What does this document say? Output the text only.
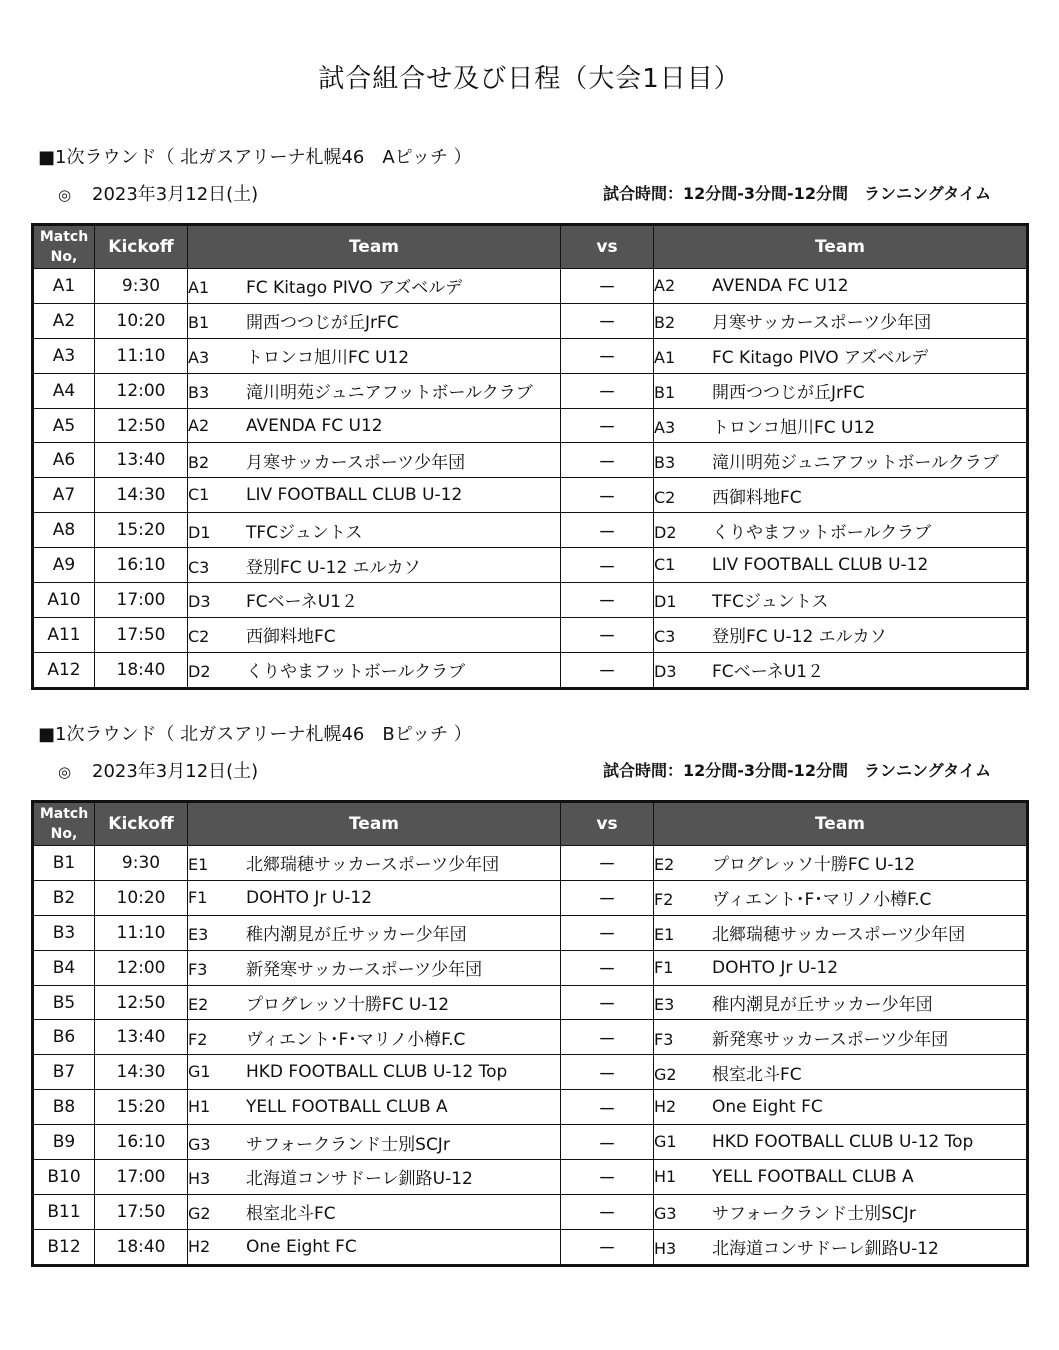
試合組合せ及び日程（大会1日目）
■1次ラウンド（ 北ガスアリーナ札幌46　Aピッチ ）
◎ 2023年3月12日(土)	試合時間：12分間-3分間-12分間　ランニングタイム
Match
No,	Kickoff	Team	vs	Team
A1	9:30	A1 FC Kitago PIVO アズベルデ	－	A2 AVENDA FC U12
A2	10:20	B1 開西つつじが丘JrFC	－	B2 月寒サッカースポーツ少年団
A3	11:10	A3 トロンコ旭川FC U12	－	A1 FC Kitago PIVO アズベルデ
A4	12:00	B3 滝川明苑ジュニアフットボールクラブ	－	B1 開西つつじが丘JrFC
A5	12:50	A2 AVENDA FC U12	－	A3 トロンコ旭川FC U12
A6	13:40	B2 月寒サッカースポーツ少年団	－	B3 滝川明苑ジュニアフットボールクラブ
A7	14:30	C1 LIV FOOTBALL CLUB U-12	－	C2 西御料地FC
A8	15:20	D1 TFCジュントス	－	D2 くりやまフットボールクラブ
A9	16:10	C3 登別FC U-12 エルカソ	－	C1 LIV FOOTBALL CLUB U-12
A10	17:00	D3 FCベーネU1２	－	D1 TFCジュントス
A11	17:50	C2 西御料地FC	－	C3 登別FC U-12 エルカソ
A12	18:40	D2 くりやまフットボールクラブ	－	D3 FCベーネU1２
■1次ラウンド（ 北ガスアリーナ札幌46　Bピッチ ）
◎ 2023年3月12日(土)	試合時間：12分間-3分間-12分間　ランニングタイム
Match
No,	Kickoff	Team	vs	Team
B1	9:30	E1 北郷瑞穂サッカースポーツ少年団	－	E2 プログレッソ十勝FC U-12
B2	10:20	F1 DOHTO Jr U-12	－	F2 ヴィエント･F･マリノ小樽F.C
B3	11:10	E3 稚内潮見が丘サッカー少年団	－	E1 北郷瑞穂サッカースポーツ少年団
B4	12:00	F3 新発寒サッカースポーツ少年団	－	F1 DOHTO Jr U-12
B5	12:50	E2 プログレッソ十勝FC U-12	－	E3 稚内潮見が丘サッカー少年団
B6	13:40	F2 ヴィエント･F･マリノ小樽F.C	－	F3 新発寒サッカースポーツ少年団
B7	14:30	G1 HKD FOOTBALL CLUB U-12 Top	－	G2 根室北斗FC
B8	15:20	H1 YELL FOOTBALL CLUB A	－	H2 One Eight FC
B9	16:10	G3 サフォークランド士別SCJr	－	G1 HKD FOOTBALL CLUB U-12 Top
B10	17:00	H3 北海道コンサドーレ釧路U-12	－	H1 YELL FOOTBALL CLUB A
B11	17:50	G2 根室北斗FC	－	G3 サフォークランド士別SCJr
B12	18:40	H2 One Eight FC	－	H3 北海道コンサドーレ釧路U-12
